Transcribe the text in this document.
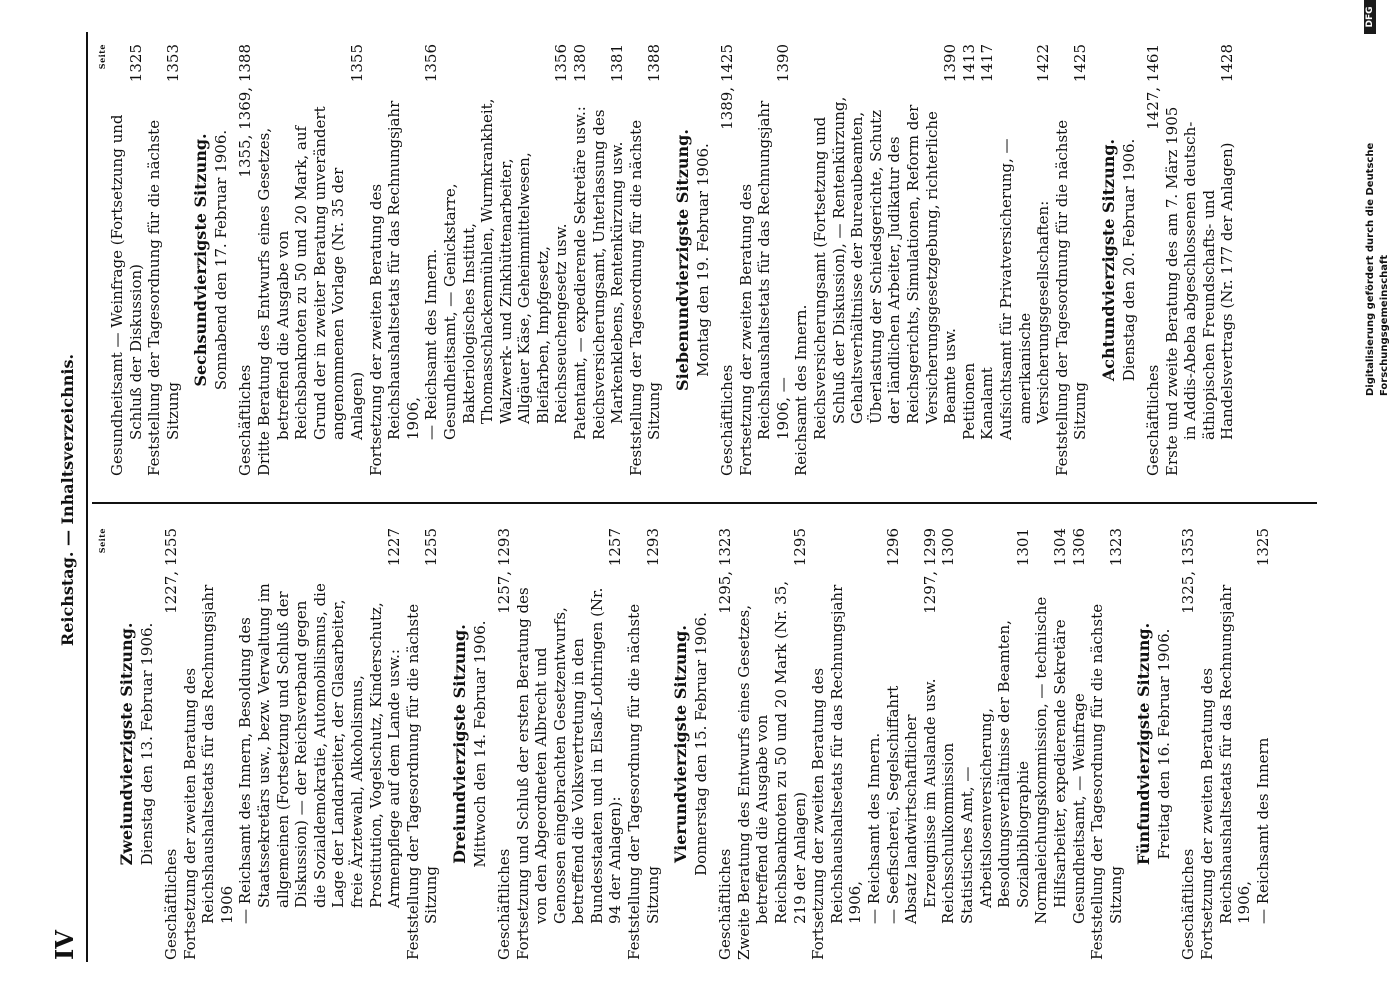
IV
Reichstag. — Inhaltsverzeichnis.	Seite
Zweiundvierzigste Sitzung. Dienstag den 13. Februar 1906.
Geschäftliches
1227, 1255
Fortsetzung der zweiten Beratung des Reichshaushaltsetats für das Rechnungsjahr 1906 — Reichsamt des Innern, Besoldung des Staatssekretärs usw., bezw. Verwaltung im allgemeinen (Fortsetzung und Schluß der Diskussion) — der Reichsverband gegen die Sozialdemokratie, Automobilismus, die Lage der Landarbeiter, der Glasarbeiter, freie Ärztewahl, Alkoholismus, Prostitution, Vogelschutz, Kinderschutz, Armenpflege auf dem Lande usw.:
1227
Feststellung der Tagesordnung für die nächste Sitzung
1255
Dreiundvierzigste Sitzung. Mittwoch den 14. Februar 1906.
Geschäftliches
1257, 1293
Fortsetzung und Schluß der ersten Beratung des von den Abgeordneten Albrecht und Genossen eingebrachten Gesetzentwurfs, betreffend die Volksvertretung in den Bundesstaaten und in Elsaß-Lothringen (Nr. 94 der Anlagen):
1257
Feststellung der Tagesordnung für die nächste Sitzung
1293
Vierundvierzigste Sitzung. Donnerstag den 15. Februar 1906.
Geschäftliches
1295, 1323
Zweite Beratung des Entwurfs eines Gesetzes, betreffend die Ausgabe von Reichsbanknoten zu 50 und 20 Mark (Nr. 35, 219 der Anlagen)
1295
Fortsetzung der zweiten Beratung des Reichshaushaltsetats für das Rechnungsjahr 1906, — Reichsamt des Innern. — Seefischerei, Segelschiffahrt
1296
Absatz landwirtschaftlicher Erzeugnisse im Auslande usw.
1297, 1299
Reichsschulkommission
1300
Statistisches Amt, — Arbeitslosenversicherung, Besoldungsverhältnisse der Beamten, Sozialbibliographie
1301
Normaleichungskommission, — technische Hilfsarbeiter, expedierende Sekretäre
1304
Gesundheitsamt, — Weinfrage
1306
Feststellung der Tagesordnung für die nächste Sitzung
1323
Fünfundvierzigste Sitzung. Freitag den 16. Februar 1906.
Geschäftliches
1325, 1353
Fortsetzung der zweiten Beratung des Reichshaushaltsetats für das Rechnungsjahr 1906, — Reichsamt des Innern
1325
Seite
Gesundheitsamt — Weinfrage (Fortsetzung und Schluß der Diskussion)
1325
Feststellung der Tagesordnung für die nächste Sitzung
1353
Sechsundvierzigste Sitzung. Sonnabend den 17. Februar 1906.
Geschäftliches
1355, 1369, 1388
Dritte Beratung des Entwurfs eines Gesetzes, betreffend die Ausgabe von Reichsbanknoten zu 50 und 20 Mark, auf Grund der in zweiter Beratung unverändert angenommenen Vorlage (Nr. 35 der Anlagen)
1355
Fortsetzung der zweiten Beratung des Reichshaushaltsetats für das Rechnungsjahr 1906, — Reichsamt des Innern.
1356
Gesundheitsamt, — Genickstarre, Bakteriologisches Institut, Thomasschlackenmühlen, Wurmkrankheit, Walzwerk- und Zinkhüttenarbeiter, Allgäuer Käse, Geheimmittelwesen, Bleifarben, Impfgesetz, Reichsseuchengesetz usw.
1356
Patentamt, — expedierende Sekretäre usw.:
1380
Reichsversicherungsamt, Unterlassung des Markenklebens, Rentenkürzung usw.
1381
Feststellung der Tagesordnung für die nächste Sitzung
1388
Siebenundvierzigste Sitzung. Montag den 19. Februar 1906.
Geschäftliches
1389, 1425
Fortsetzung der zweiten Beratung des Reichshaushaltsetats für das Rechnungsjahr 1906, —
1390
Reichsamt des Innern. Reichsversicherungsamt (Fortsetzung und Schluß der Diskussion), — Rentenkürzung, Gehaltsverhältnisse der Bureaubeamten, Überlastung der Schiedsgerichte, Schutz der ländlichen Arbeiter, Judikatur des Reichsgerichts, Simulationen, Reform der Versicherungsgesetzgebung, richterliche Beamte usw.
1390
Petitionen
1413
Kanalamt
1417
Aufsichtsamt für Privatversicherung, — amerikanische Versicherungsgesellschaften:
1422
Feststellung der Tagesordnung für die nächste Sitzung
1425
Achtundvierzigste Sitzung. Dienstag den 20. Februar 1906.
Geschäftliches
1427, 1461
Erste und zweite Beratung des am 7. März 1905 in Addis-Abeba abgeschlossenen deutsch-äthiopischen Freundschafts- und Handelsvertrags (Nr. 177 der Anlagen)
1428
Digitalisierung gefördert durch die Deutsche Forschungsgemeinschaft
DFG
